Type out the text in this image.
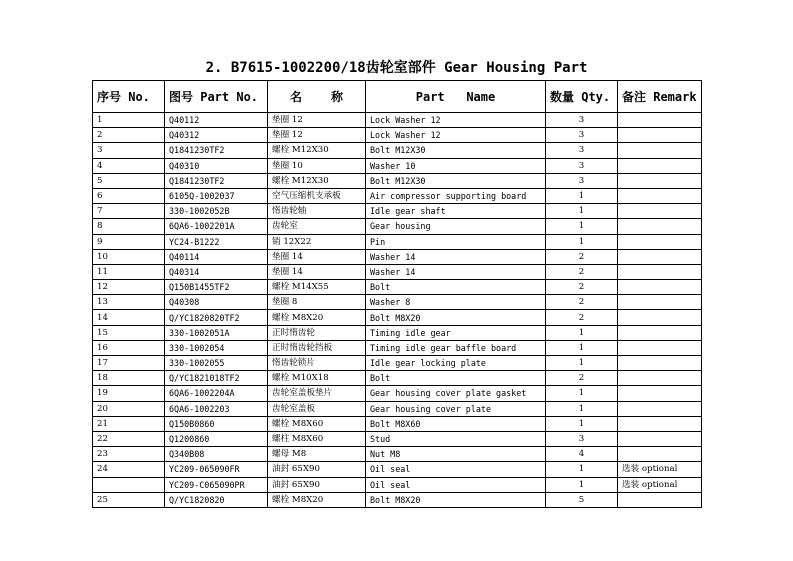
2. B7615-1002200/18齿轮室部件 Gear Housing Part
序号 No.	图号 Part No.	名    称	Part   Name	数量 Qty.	备注 Remark
1	Q40112	垫圈 12	Lock Washer 12	3	
2	Q40312	垫圈 12	Lock Washer 12	3	
3	Q1841230TF2	螺栓 M12X30	Bolt M12X30	3	
4	Q40310	垫圈 10	Washer 10	3	
5	Q1841230TF2	螺栓 M12X30	Bolt M12X30	3	
6	6105Q-1002037	空气压缩机支承板	Air compressor supporting board	1	
7	330-1002052B	惰齿轮轴	Idle gear shaft	1	
8	6QA6-1002201A	齿轮室	Gear housing	1	
9	YC24-B1222	销 12X22	Pin	1	
10	Q40114	垫圈 14	Washer 14	2	
11	Q40314	垫圈 14	Washer 14	2	
12	Q150B1455TF2	螺栓 M14X55	Bolt	2	
13	Q40308	垫圈 8	Washer 8	2	
14	Q/YC1820820TF2	螺栓 M8X20	Bolt M8X20	2	
15	330-1002051A	正时惰齿轮	Timing idle gear	1	
16	330-1002054	正时惰齿轮挡板	Timing idle gear baffle board	1	
17	330-1002055	惰齿轮锁片	Idle gear locking plate	1	
18	Q/YC1821018TF2	螺栓 M10X18	Bolt	2	
19	6QA6-1002204A	齿轮室盖板垫片	Gear housing cover plate gasket	1	
20	6QA6-1002203	齿轮室盖板	Gear housing cover plate	1	
21	Q150B0860	螺栓 M8X60	Bolt M8X60	1	
22	Q1200860	螺柱 M8X60	Stud	3	
23	Q340B08	螺母 M8	Nut M8	4	
24	YC209-065090FR	油封 65X90	Oil seal	1	选装 optional
	YC209-C065090PR	油封 65X90	Oil seal	1	选装 optional
25	Q/YC1820820	螺栓 M8X20	Bolt M8X20	5	
